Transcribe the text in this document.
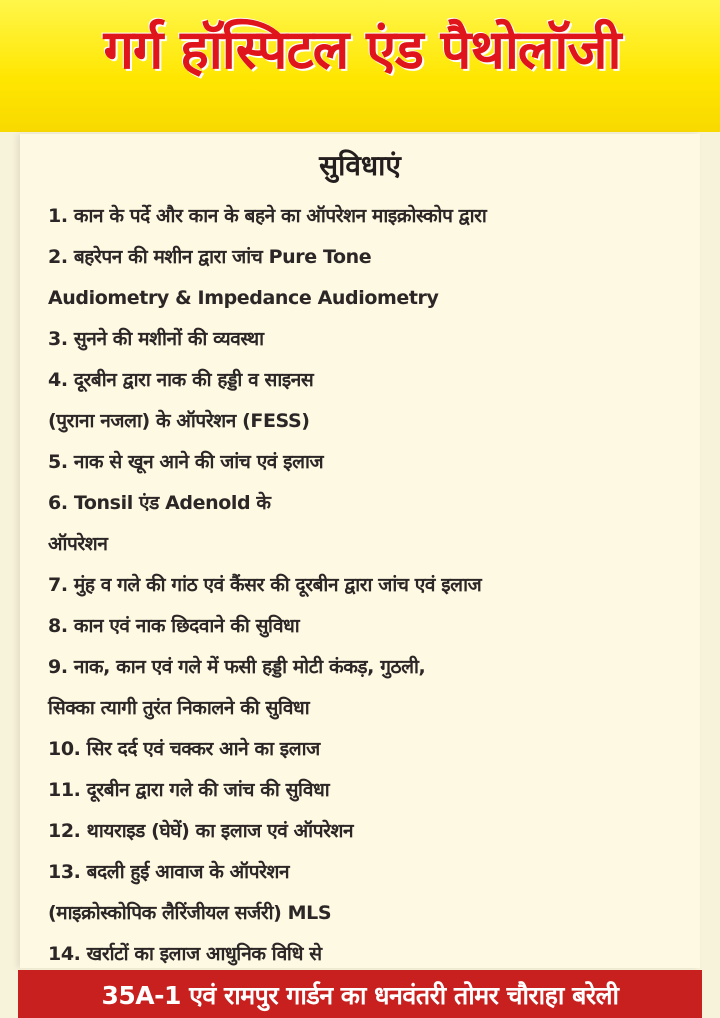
गर्ग हॉस्पिटल एंड पैथोलॉजी
सुविधाएं
1. कान के पर्दे और कान के बहने का ऑपरेशन माइक्रोस्कोप द्वारा
2. बहरेपन की मशीन द्वारा जांच Pure Tone
Audiometry & Impedance Audiometry
3. सुनने की मशीनों की व्यवस्था
4. दूरबीन द्वारा नाक की हड्डी व साइनस
(पुराना नजला) के ऑपरेशन (FESS)
5. नाक से खून आने की जांच एवं इलाज
6. Tonsil एंड Adenold के
ऑपरेशन
7. मुंह व गले की गांठ एवं कैंसर की दूरबीन द्वारा जांच एवं इलाज
8. कान एवं नाक छिदवाने की सुविधा
9. नाक, कान एवं गले में फसी हड्डी मोटी कंकड़, गुठली,
सिक्का त्यागी तुरंत निकालने की सुविधा
10. सिर दर्द एवं चक्कर आने का इलाज
11. दूरबीन द्वारा गले की जांच की सुविधा
12. थायराइड (घेघें) का इलाज एवं ऑपरेशन
13. बदली हुई आवाज के ऑपरेशन
(माइक्रोस्कोपिक लैरिंजीयल सर्जरी) MLS
14. खर्राटों का इलाज आधुनिक विधि से
35A-1 एवं रामपुर गार्डन का धनवंतरी तोमर चौराहा बरेली
